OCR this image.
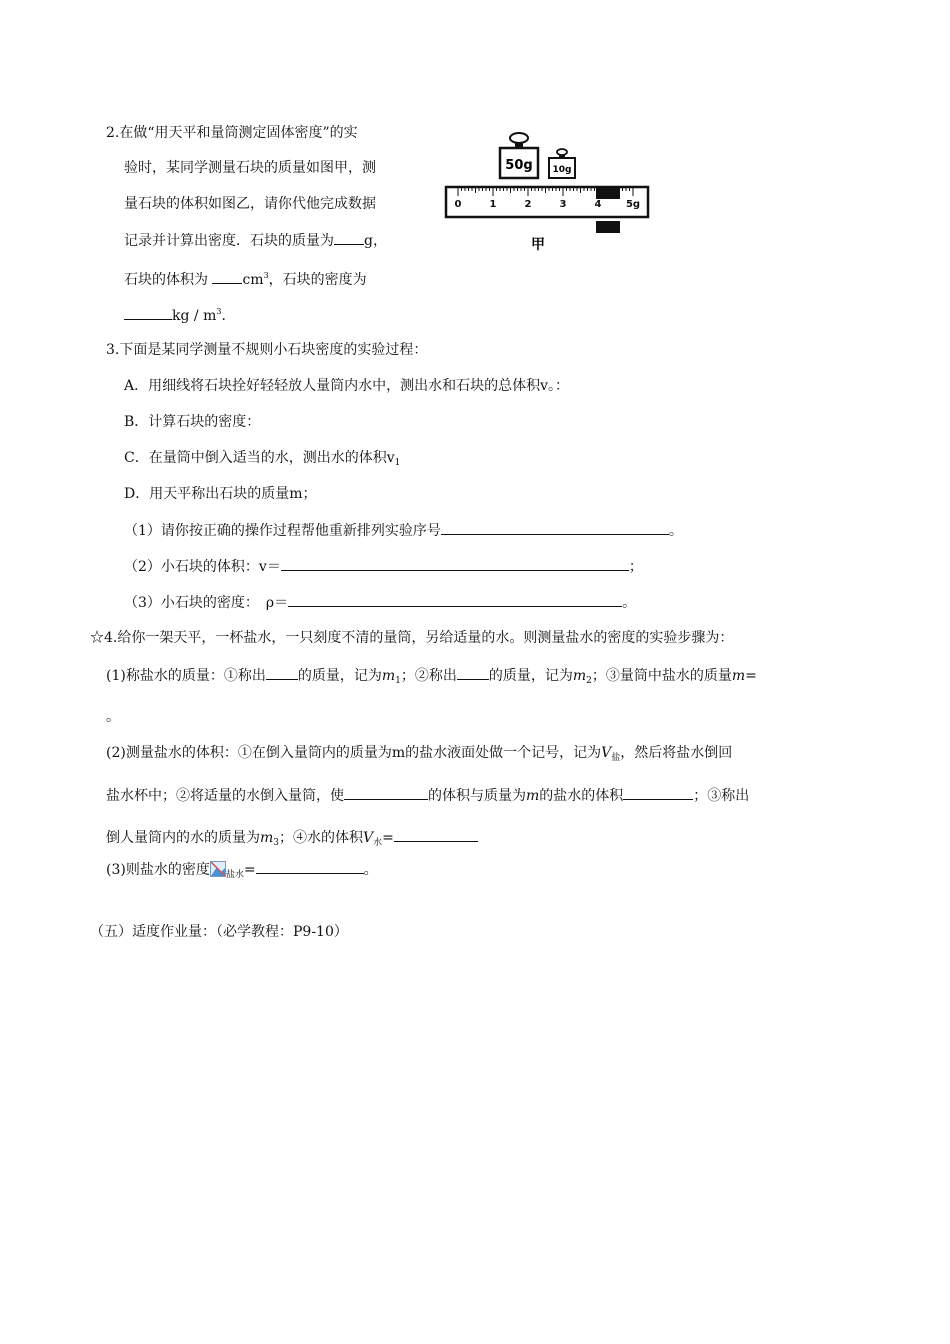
2.在做“用天平和量筒测定固体密度”的实
验时，某同学测量石块的质量如图甲，测
量石块的体积如图乙，请你代他完成数据
记录并计算出密度．石块的质量为 g，
石块的体积为 $cm^3$，石块的密度为
kg / $m^3$．
50g 10g
0	1	2	3	4 5g
甲
3.下面是某同学测量不规则小石块密度的实验过程：
A．用细线将石块拴好轻轻放人量筒内水中，测出水和石块的总体积v。：
B．计算石块的密度：
C．在量筒中倒入适当的水，测出水的体积$v_1$
D．用天平称出石块的质量m；
（1）请你按正确的操作过程帮他重新排列实验序号	。
（2）小石块的体积：v＝	；
（3）小石块的密度：　ρ＝	。
☆4.给你一架天平，一杯盐水，一只刻度不清的量筒，另给适量的水。则测量盐水的密度的实验步骤为：
(1)称盐水的质量：①称出 的质量，记为$m_1$；②称出 的质量，记为$m_2$；③量筒中盐水的质量m=
。
(2)测量盐水的体积：①在倒入量筒内的质量为m的盐水液面处做一个记号，记为$V_盐$，然后将盐水倒回
盐水杯中；②将适量的水倒入量筒，使	的体积与质量为m的盐水的体积	；③称出
倒人量筒内的水的质量为$m_3$；④水的体积$V_水=$
(3)则盐水的密度 $_{盐水}$=	。
（五）适度作业量：（必学教程：P9-10）
